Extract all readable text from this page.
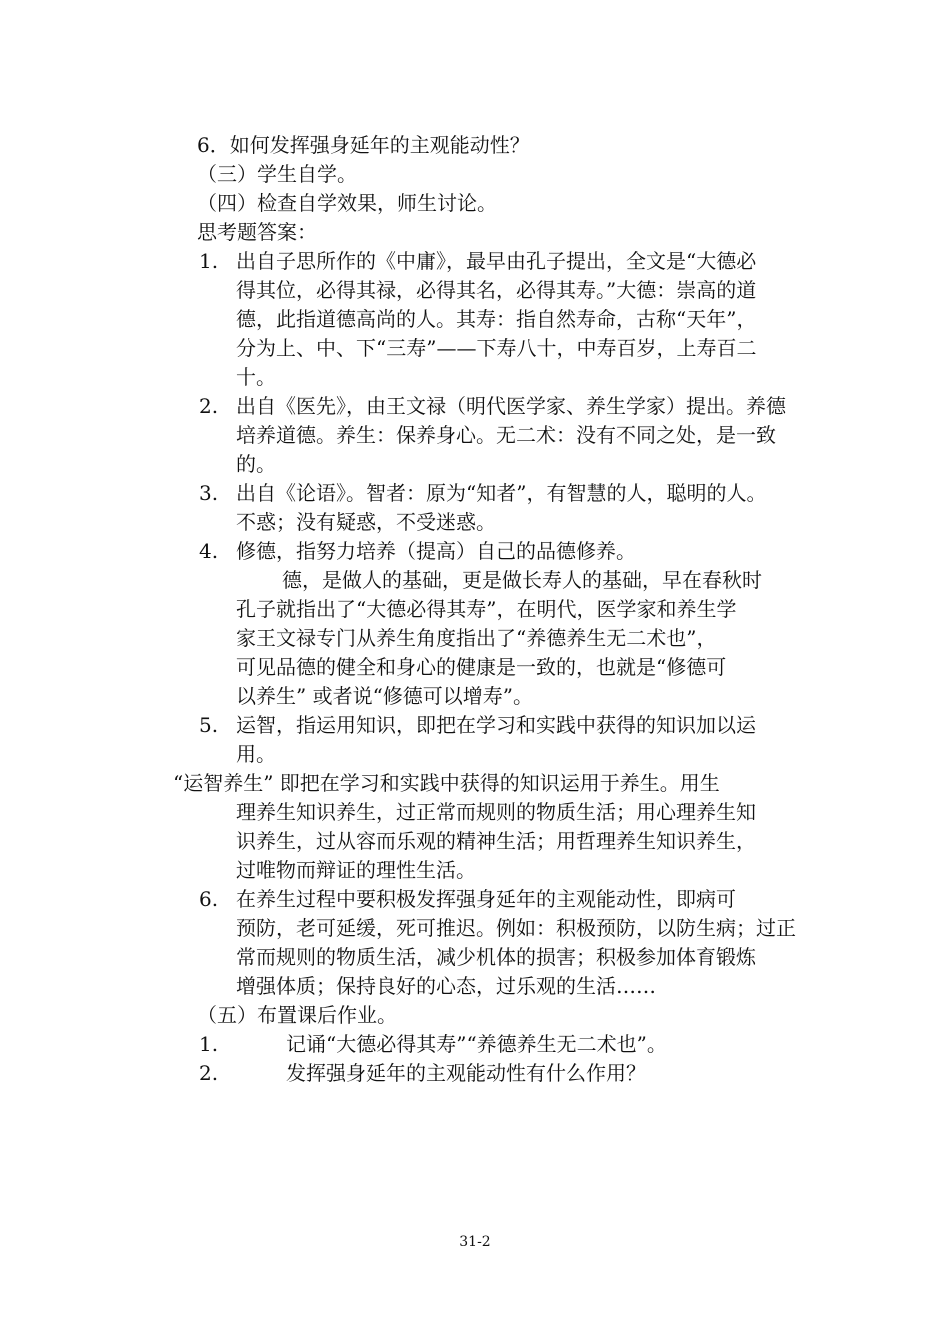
6．如何发挥强身延年的主观能动性？
（三）学生自学。
（四）检查自学效果，师生讨论。
思考题答案：
1. 出自子思所作的《中庸》，最早由孔子提出，全文是“大德必
得其位，必得其禄，必得其名，必得其寿。”大德：崇高的道
德，此指道德高尚的人。其寿：指自然寿命，古称“天年”，
分为上、中、下“三寿”——下寿八十，中寿百岁，上寿百二
十。
2. 出自《医先》，由王文禄（明代医学家、养生学家）提出。养德
培养道德。养生：保养身心。无二术：没有不同之处，是一致
的。
3. 出自《论语》。智者：原为“知者”，有智慧的人，聪明的人。
不惑；没有疑惑，不受迷惑。
4. 修德，指努力培养（提高）自己的品德修养。
德，是做人的基础，更是做长寿人的基础，早在春秋时
孔子就指出了“大德必得其寿”，在明代，医学家和养生学
家王文禄专门从养生角度指出了“养德养生无二术也”，
可见品德的健全和身心的健康是一致的，也就是“修德可
以养生” 或者说“修德可以增寿”。
5. 运智，指运用知识，即把在学习和实践中获得的知识加以运
用。
“运智养生” 即把在学习和实践中获得的知识运用于养生。用生
理养生知识养生，过正常而规则的物质生活；用心理养生知
识养生，过从容而乐观的精神生活；用哲理养生知识养生，
过唯物而辩证的理性生活。
6. 在养生过程中要积极发挥强身延年的主观能动性，即病可
预防，老可延缓，死可推迟。例如：积极预防，以防生病；过正
常而规则的物质生活，减少机体的损害；积极参加体育锻炼
增强体质；保持良好的心态，过乐观的生活……
（五）布置课后作业。
1.	记诵“大德必得其寿”“养德养生无二术也”。
2.	发挥强身延年的主观能动性有什么作用？
31-2
